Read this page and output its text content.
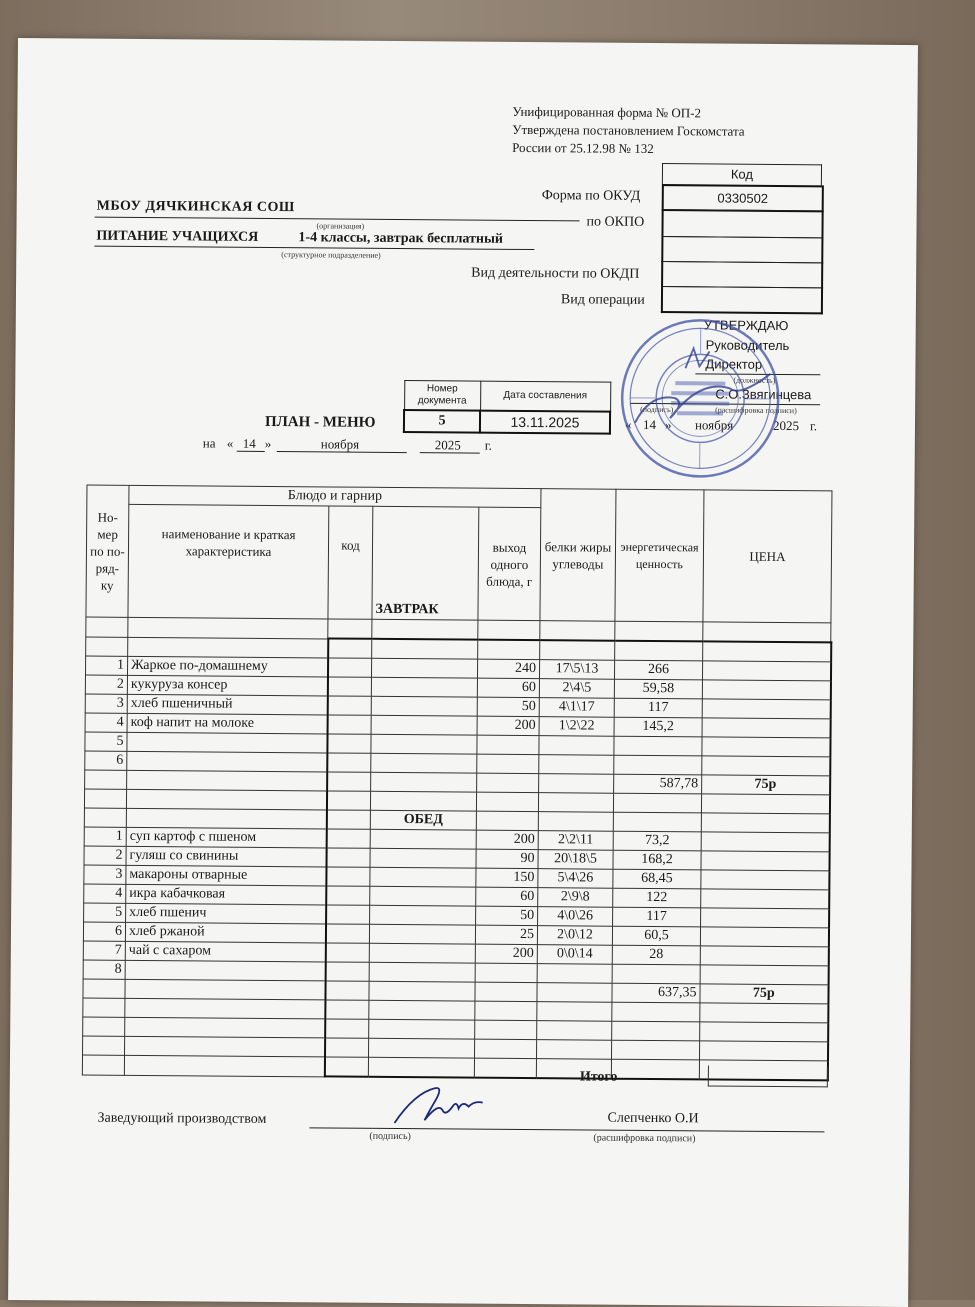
Унифицированная форма № ОП-2
Утверждена постановлением Госкомстата
России от 25.12.98 № 132
Код
0330502
Форма по ОКУД
по ОКПО
Вид деятельности по ОКДП
Вид операции
МБОУ ДЯЧКИНСКАЯ СОШ
(организация)
ПИТАНИЕ УЧАЩИХСЯ	1-4 классы, завтрак бесплатный
(структурное подразделение)
УТВЕРЖДАЮ
Руководитель
Директор
(должность)
С.О.Звягинцева
(подпись)	(расшифровка подписи)
« 14 » ноября	2025 г.
Номер документа	Дата составления
5	13.11.2025
ПЛАН - МЕНЮ
на « 14 »	ноября	2025 г.
Но-мер по по-ряд-ку	Блюдо и гарнир				белки жиры углеводы	энергетическая ценность	ЦЕНА
	наименование и краткая характеристика	код	ЗАВТРАК	выход одного блюда, г			

1	Жаркое по-домашнему			240	17\5\13	266	
2	кукуруза консер			60	2\4\5	59,58	
3	хлеб пшеничный			50	4\1\17	117	
4	коф напит на молоке			200	1\2\22	145,2	
5							
6							
						587,78	75р

			ОБЕД				
1	суп картоф с пшеном			200	2\2\11	73,2	
2	гуляш со свинины			90	20\18\5	168,2	
3	макароны отварные			150	5\4\26	68,45	
4	икра кабачковая			60	2\9\8	122	
5	хлеб пшенич			50	4\0\26	117	
6	хлеб ржаной			25	2\0\12	60,5	
7	чай с сахаром			200	0\0\14	28	
8							
						637,35	75р

Итого
Заведующий производством	Слепченко О.И
(подпись)	(расшифровка подписи)
